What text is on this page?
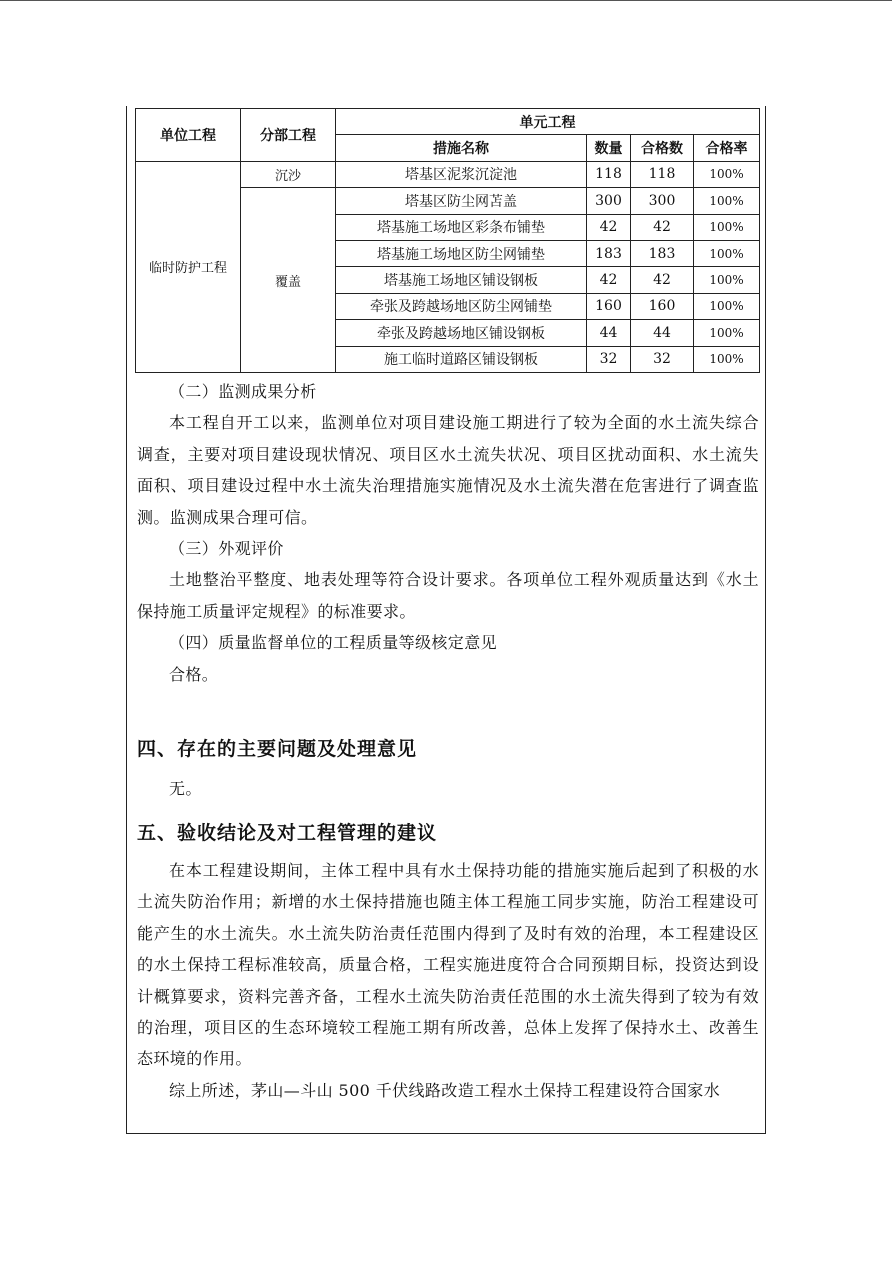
单位工程	分部工程	单元工程			
		措施名称	数量	合格数	合格率
临时防护工程	沉沙	塔基区泥浆沉淀池	118	118	100%
	覆盖	塔基区防尘网苫盖	300	300	100%
		塔基施工场地区彩条布铺垫	42	42	100%
		塔基施工场地区防尘网铺垫	183	183	100%
		塔基施工场地区铺设钢板	42	42	100%
		牵张及跨越场地区防尘网铺垫	160	160	100%
		牵张及跨越场地区铺设钢板	44	44	100%
		施工临时道路区铺设钢板	32	32	100%

（二）监测成果分析

本工程自开工以来，监测单位对项目建设施工期进行了较为全面的水土流失综合调查，主要对项目建设现状情况、项目区水土流失状况、项目区扰动面积、水土流失面积、项目建设过程中水土流失治理措施实施情况及水土流失潜在危害进行了调查监测。监测成果合理可信。

（三）外观评价

土地整治平整度、地表处理等符合设计要求。各项单位工程外观质量达到《水土保持施工质量评定规程》的标准要求。

（四）质量监督单位的工程质量等级核定意见

合格。

四、存在的主要问题及处理意见

无。

五、验收结论及对工程管理的建议

在本工程建设期间，主体工程中具有水土保持功能的措施实施后起到了积极的水土流失防治作用；新增的水土保持措施也随主体工程施工同步实施，防治工程建设可能产生的水土流失。水土流失防治责任范围内得到了及时有效的治理，本工程建设区的水土保持工程标准较高，质量合格，工程实施进度符合合同预期目标，投资达到设计概算要求，资料完善齐备，工程水土流失防治责任范围的水土流失得到了较为有效的治理，项目区的生态环境较工程施工期有所改善，总体上发挥了保持水土、改善生态环境的作用。

综上所述，茅山—斗山 500 千伏线路改造工程水土保持工程建设符合国家水
